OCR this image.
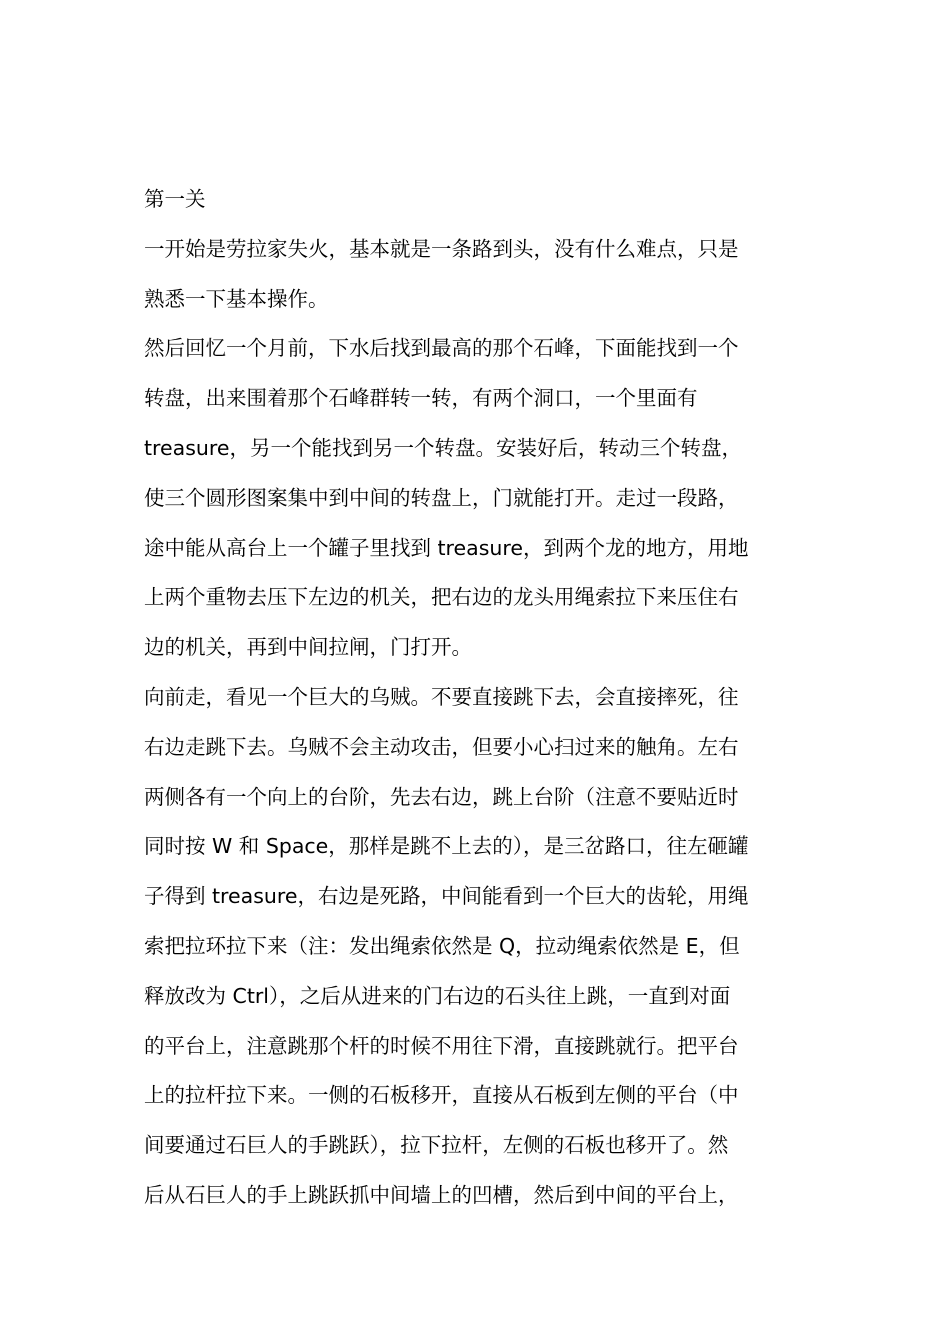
第一关
一开始是劳拉家失火，基本就是一条路到头，没有什么难点，只是
熟悉一下基本操作。
然后回忆一个月前，下水后找到最高的那个石峰，下面能找到一个
转盘，出来围着那个石峰群转一转，有两个洞口，一个里面有
treasure，另一个能找到另一个转盘。安装好后，转动三个转盘，
使三个圆形图案集中到中间的转盘上，门就能打开。走过一段路，
途中能从高台上一个罐子里找到 treasure，到两个龙的地方，用地
上两个重物去压下左边的机关，把右边的龙头用绳索拉下来压住右
边的机关，再到中间拉闸，门打开。
向前走，看见一个巨大的乌贼。不要直接跳下去，会直接摔死，往
右边走跳下去。乌贼不会主动攻击，但要小心扫过来的触角。左右
两侧各有一个向上的台阶，先去右边，跳上台阶（注意不要贴近时
同时按 W 和 Space，那样是跳不上去的），是三岔路口，往左砸罐
子得到 treasure，右边是死路，中间能看到一个巨大的齿轮，用绳
索把拉环拉下来（注：发出绳索依然是 Q，拉动绳索依然是 E，但
释放改为 Ctrl），之后从进来的门右边的石头往上跳，一直到对面
的平台上，注意跳那个杆的时候不用往下滑，直接跳就行。把平台
上的拉杆拉下来。一侧的石板移开，直接从石板到左侧的平台（中
间要通过石巨人的手跳跃），拉下拉杆，左侧的石板也移开了。然
后从石巨人的手上跳跃抓中间墙上的凹槽，然后到中间的平台上，
